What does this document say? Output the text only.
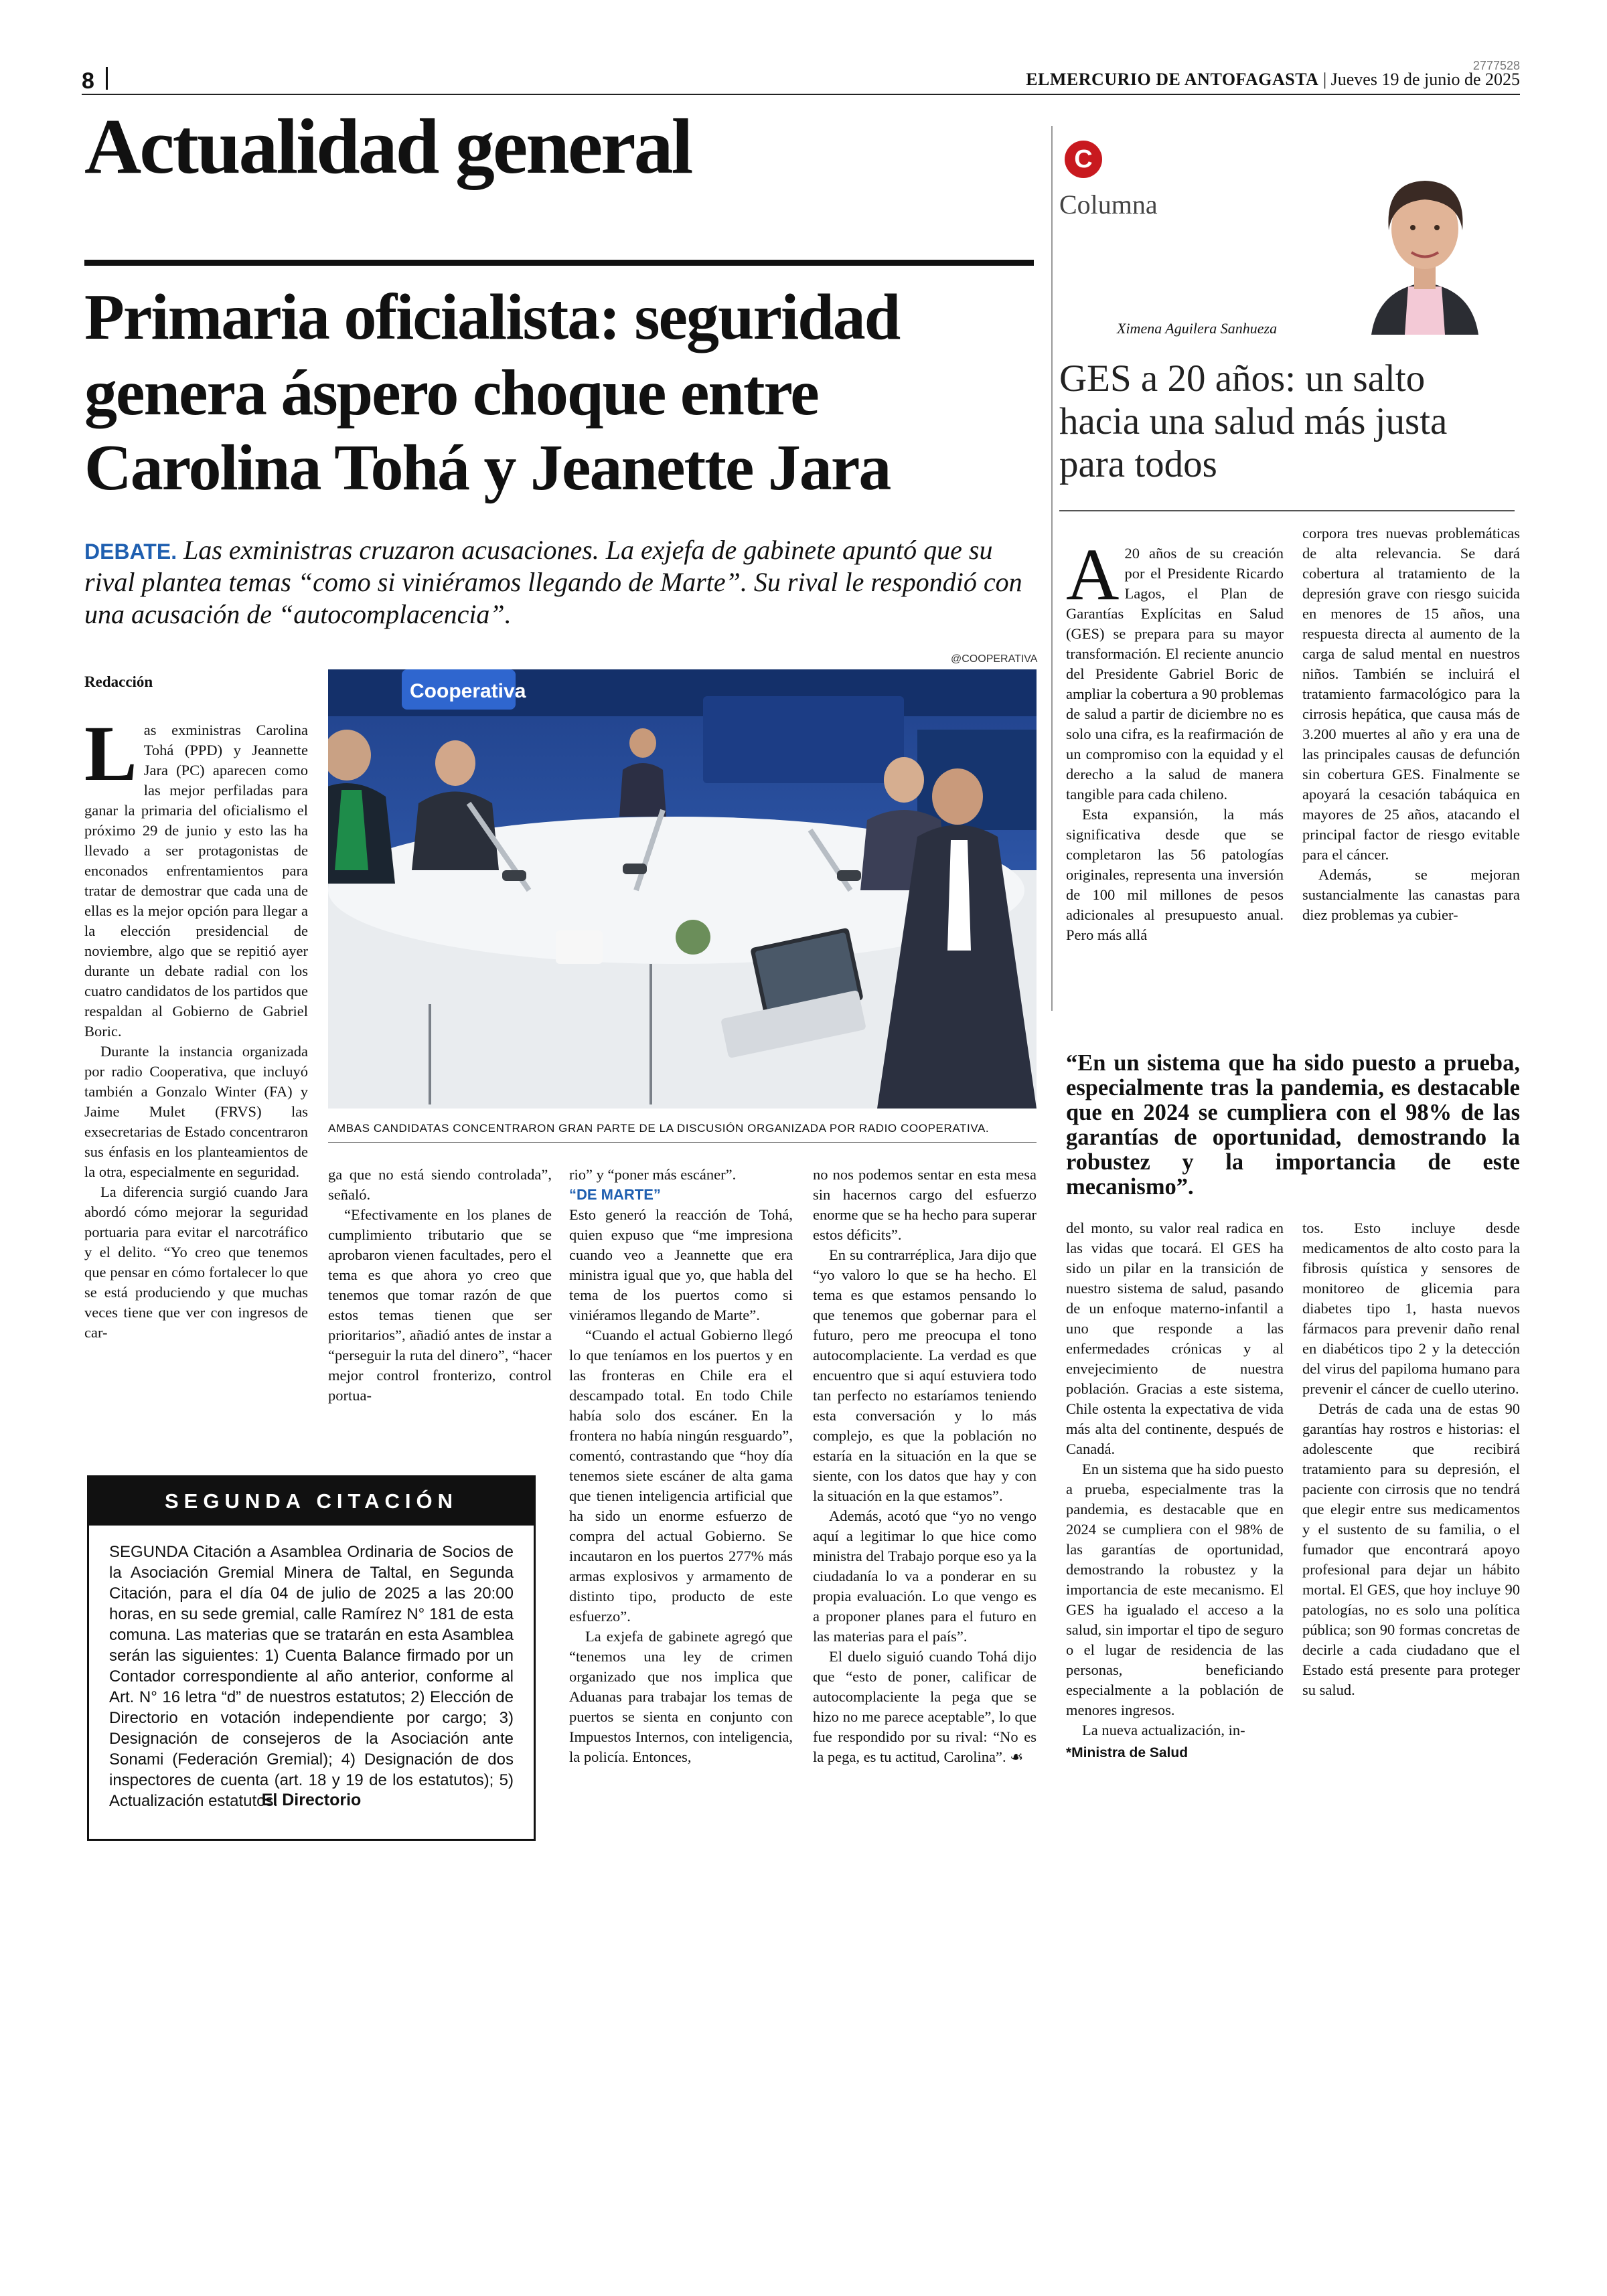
8
2777528
ELMERCURIO DE ANTOFAGASTA | Jueves 19 de junio de 2025
Actualidad general
Primaria oficialista: seguridad genera áspero choque entre Carolina Tohá y Jeanette Jara
DEBATE. Las exministras cruzaron acusaciones. La exjefa de gabinete apuntó que su rival plantea temas “como si viniéramos llegando de Marte”. Su rival le respondió con una acusación de “autocomplacencia”.
Redacción

Las exministras Carolina Tohá (PPD) y Jeannette Jara (PC) aparecen como las mejor perfiladas para ganar la primaria del oficialismo el próximo 29 de junio y esto las ha llevado a ser protagonistas de enconados enfrentamientos para tratar de demostrar que cada una de ellas es la mejor opción para llegar a la elección presidencial de noviembre, algo que se repitió ayer durante un debate radial con los cuatro candidatos de los partidos que respaldan al Gobierno de Gabriel Boric.

Durante la instancia organizada por radio Cooperativa, que incluyó también a Gonzalo Winter (FA) y Jaime Mulet (FRVS) las exsecretarias de Estado concentraron sus énfasis en los planteamientos de la otra, especialmente en seguridad.

La diferencia surgió cuando Jara abordó cómo mejorar la seguridad portuaria para evitar el narcotráfico y el delito. “Yo creo que tenemos que pensar en cómo fortalecer lo que se está produciendo y que muchas veces tiene que ver con ingresos de car-

@COOPERATIVA
Cooperativa
AMBAS CANDIDATAS CONCENTRARON GRAN PARTE DE LA DISCUSIÓN ORGANIZADA POR RADIO COOPERATIVA.

ga que no está siendo controlada”, señaló.

“Efectivamente en los planes de cumplimiento tributario que se aprobaron vienen facultades, pero el tema es que ahora yo creo que tenemos que tomar razón de que estos temas tienen que ser prioritarios”, añadió antes de instar a “perseguir la ruta del dinero”, “hacer mejor control fronterizo, control portua-

rio” y “poner más escáner”.

“DE MARTE”

Esto generó la reacción de Tohá, quien expuso que “me impresiona cuando veo a Jeannette que era ministra igual que yo, que habla del tema de los puertos como si viniéramos llegando de Marte”.

“Cuando el actual Gobierno llegó lo que teníamos en los puertos y en las fronteras en Chile era el descampado total. En todo Chile había solo dos escáner. En la frontera no había ningún resguardo”, comentó, contrastando que “hoy día tenemos siete escáner de alta gama que tienen inteligencia artificial que ha sido un enorme esfuerzo de compra del actual Gobierno. Se incautaron en los puertos 277% más armas explosivos y armamento de distinto tipo, producto de este esfuerzo”.

La exjefa de gabinete agregó que “tenemos una ley de crimen organizado que nos implica que Aduanas para trabajar los temas de puertos se sienta en conjunto con Impuestos Internos, con inteligencia, la policía. Entonces,

no nos podemos sentar en esta mesa sin hacernos cargo del esfuerzo enorme que se ha hecho para superar estos déficits”.

En su contrarréplica, Jara dijo que “yo valoro lo que se ha hecho. El tema es que estamos pensando lo que tenemos que gobernar para el futuro, pero me preocupa el tono autocomplaciente. La verdad es que encuentro que si aquí estuviera todo tan perfecto no estaríamos teniendo esta conversación y lo más complejo, es que la población no estaría en la situación en la que se siente, con los datos que hay y con la situación en la que estamos”.

Además, acotó que “yo no vengo aquí a legitimar lo que hice como ministra del Trabajo porque eso ya la ciudadanía lo va a ponderar en su propia evaluación. Lo que vengo es a proponer planes para el futuro en las materias para el país”.

El duelo siguió cuando Tohá dijo que “esto de poner, calificar de autocomplaciente la pega que se hizo no me parece aceptable”, lo que fue respondido por su rival: “No es la pega, es tu actitud, Carolina”. ☙

SEGUNDA CITACIÓN
SEGUNDA Citación a Asamblea Ordinaria de Socios de la Asociación Gremial Minera de Taltal, en Segunda Citación, para el día 04 de julio de 2025 a las 20:00 horas, en su sede gremial, calle Ramírez N° 181 de esta comuna. Las materias que se tratarán en esta Asamblea serán las siguientes: 1) Cuenta Balance firmado por un Contador correspondiente al año anterior, conforme al Art. N° 16 letra “d” de nuestros estatutos; 2) Elección de Directorio en votación independiente por cargo; 3) Designación de consejeros de la Asociación ante Sonami (Federación Gremial); 4) Designación de dos inspectores de cuenta (art. 18 y 19 de los estatutos); 5) Actualización estatutos.
El Directorio
C
Columna
Ximena Aguilera Sanhueza
GES a 20 años: un salto hacia una salud más justa para todos

A 20 años de su creación por el Presidente Ricardo Lagos, el Plan de Garantías Explícitas en Salud (GES) se prepara para su mayor transformación. El reciente anuncio del Presidente Gabriel Boric de ampliar la cobertura a 90 problemas de salud a partir de diciembre no es solo una cifra, es la reafirmación de un compromiso con la equidad y el derecho a la salud de manera tangible para cada chileno.

Esta expansión, la más significativa desde que se completaron las 56 patologías originales, representa una inversión de 100 mil millones de pesos adicionales al presupuesto anual. Pero más allá

corpora tres nuevas problemáticas de alta relevancia. Se dará cobertura al tratamiento de la depresión grave con riesgo suicida en menores de 15 años, una respuesta directa al aumento de la carga de salud mental en nuestros niños. También se incluirá el tratamiento farmacológico para la cirrosis hepática, que causa más de 3.200 muertes al año y era una de las principales causas de defunción sin cobertura GES. Finalmente se apoyará la cesación tabáquica en mayores de 25 años, atacando el principal factor de riesgo evitable para el cáncer.

Además, se mejoran sustancialmente las canastas para diez problemas ya cubier-

“En un sistema que ha sido puesto a prueba, especialmente tras la pandemia, es destacable que en 2024 se cumpliera con el 98% de las garantías de oportunidad, demostrando la robustez y la importancia de este mecanismo”.

del monto, su valor real radica en las vidas que tocará. El GES ha sido un pilar en la transición de nuestro sistema de salud, pasando de un enfoque materno-infantil a uno que responde a las enfermedades crónicas y al envejecimiento de nuestra población. Gracias a este sistema, Chile ostenta la expectativa de vida más alta del continente, después de Canadá.

En un sistema que ha sido puesto a prueba, especialmente tras la pandemia, es destacable que en 2024 se cumpliera con el 98% de las garantías de oportunidad, demostrando la robustez y la importancia de este mecanismo. El GES ha igualado el acceso a la salud, sin importar el tipo de seguro o el lugar de residencia de las personas, beneficiando especialmente a la población de menores ingresos.

La nueva actualización, in-

*Ministra de Salud

tos. Esto incluye desde medicamentos de alto costo para la fibrosis quística y sensores de monitoreo de glicemia para diabetes tipo 1, hasta nuevos fármacos para prevenir daño renal en diabéticos tipo 2 y la detección del virus del papiloma humano para prevenir el cáncer de cuello uterino.

Detrás de cada una de estas 90 garantías hay rostros e historias: el adolescente que recibirá tratamiento para su depresión, el paciente con cirrosis que no tendrá que elegir entre sus medicamentos y el sustento de su familia, o el fumador que encontrará apoyo profesional para dejar un hábito mortal. El GES, que hoy incluye 90 patologías, no es solo una política pública; son 90 formas concretas de decirle a cada ciudadano que el Estado está presente para proteger su salud.
